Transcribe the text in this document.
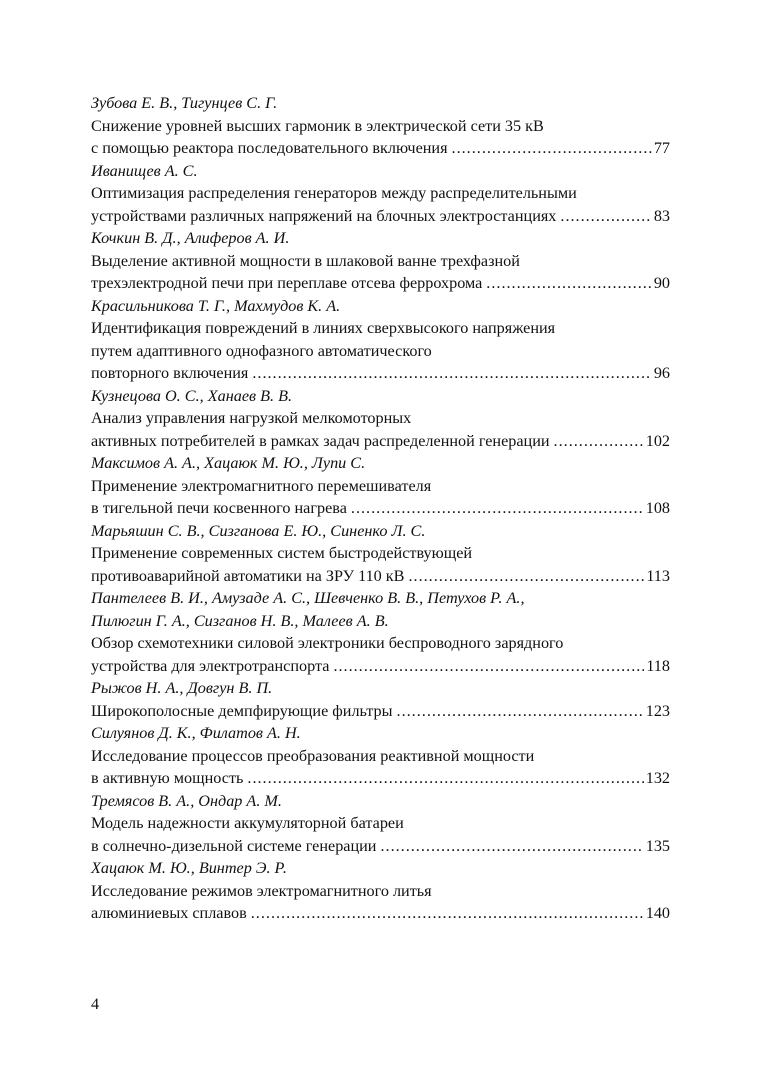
Зубова Е. В., Тигунцев С. Г.
Снижение уровней высших гармоник в электрической сети 35 кВ
с помощью реактора последовательного включения .....	77
Иванищев А. С.
Оптимизация распределения генераторов между распределительными
устройствами различных напряжений на блочных электростанциях .....	83
Кочкин В. Д., Алиферов А. И.
Выделение активной мощности в шлаковой ванне трехфазной
трехэлектродной печи при переплаве отсева феррохрома .....	90
Красильникова Т. Г., Махмудов К. А.
Идентификация повреждений в линиях сверхвысокого напряжения
путем адаптивного однофазного автоматического
повторного включения .....	96
Кузнецова О. С., Ханаев В. В.
Анализ управления нагрузкой мелкомоторных
активных потребителей в рамках задач распределенной генерации .....	102
Максимов А. А., Хацаюк М. Ю., Лупи С.
Применение электромагнитного перемешивателя
в тигельной печи косвенного нагрева .....	108
Марьяшин С. В., Сизганова Е. Ю., Синенко Л. С.
Применение современных систем быстродействующей
противоаварийной автоматики на ЗРУ 110 кВ .....	113
Пантелеев В. И., Амузаде А. С., Шевченко В. В., Петухов Р. А.,
Пилюгин Г. А., Сизганов Н. В., Малеев А. В.
Обзор схемотехники силовой электроники беспроводного зарядного
устройства для электротранспорта .....	118
Рыжов Н. А., Довгун В. П.
Широкополосные демпфирующие фильтры .....	123
Силуянов Д. К., Филатов А. Н.
Исследование процессов преобразования реактивной мощности
в активную мощность .....	132
Тремясов В. А., Ондар А. М.
Модель надежности аккумуляторной батареи
в солнечно-дизельной системе генерации .....	135
Хацаюк М. Ю., Винтер Э. Р.
Исследование режимов электромагнитного литья
алюминиевых сплавов .....	140
4
